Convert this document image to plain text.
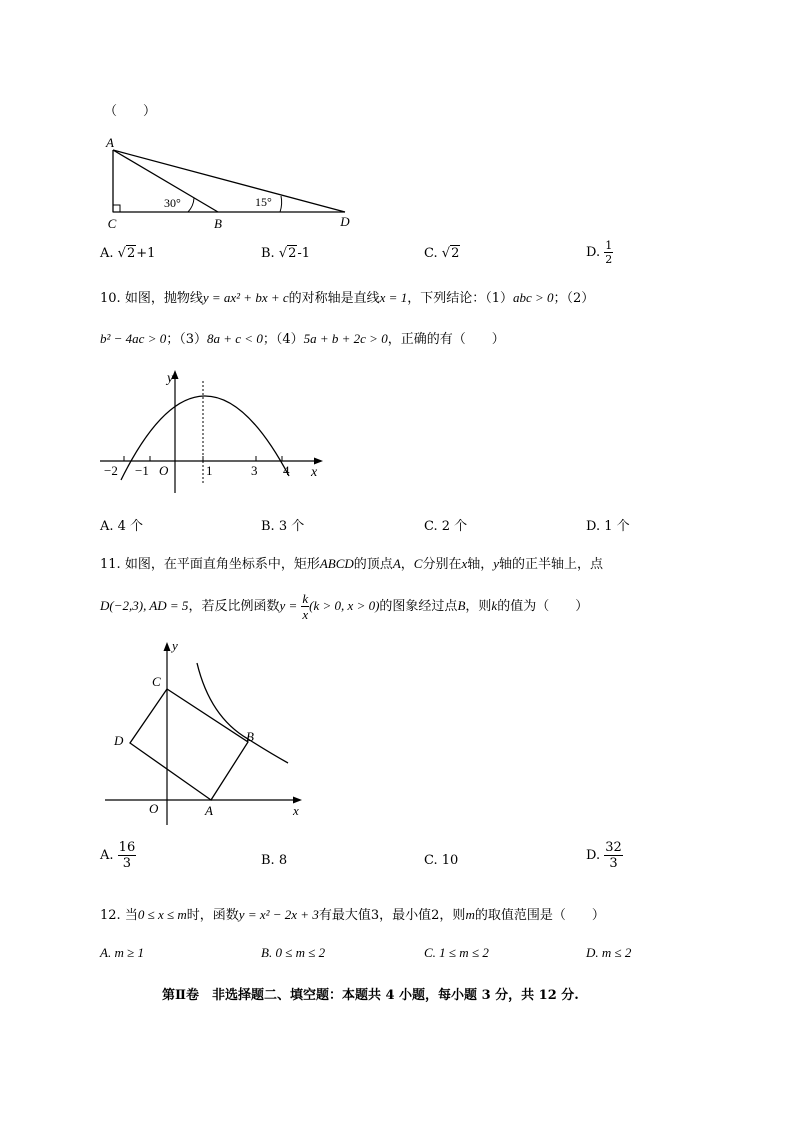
（　　）
A
C	B	D
30°	15°
A. √2+1	B. √2-1	C. √2	D. $\frac{1}{2}$
10. 如图，抛物线y = ax² + bx + c的对称轴是直线x = 1，下列结论：（1）abc > 0；（2）
b² − 4ac > 0；（3）8a + c < 0；（4）5a + b + 2c > 0，正确的有（　　）
y
x
O
−2 −1	1	3 4
A. 4 个	B. 3 个	C. 2 个	D. 1 个
11. 如图，在平面直角坐标系中，矩形ABCD的顶点A，C分别在x轴，y轴的正半轴上，点
D(−2,3), AD = 5，若反比例函数$y = \frac{k}{x} (k > 0$, x > 0)的图象经过点B，则k的值为（　　）
y
x
O	A
B
C
D
A. $\frac{16}{3}$	B. 8	C. 10	D. $\frac{32}{3}$
12. 当0 ≤ x ≤ m时，函数y = x² − 2x + 3有最大值3，最小值2，则m的取值范围是（　　）
A. m ≥ 1	B. 0 ≤ m ≤ 2	C. 1 ≤ m ≤ 2	D. m ≤ 2
第Ⅱ卷　非选择题二、填空题：本题共 4 小题，每小题 3 分，共 12 分.
